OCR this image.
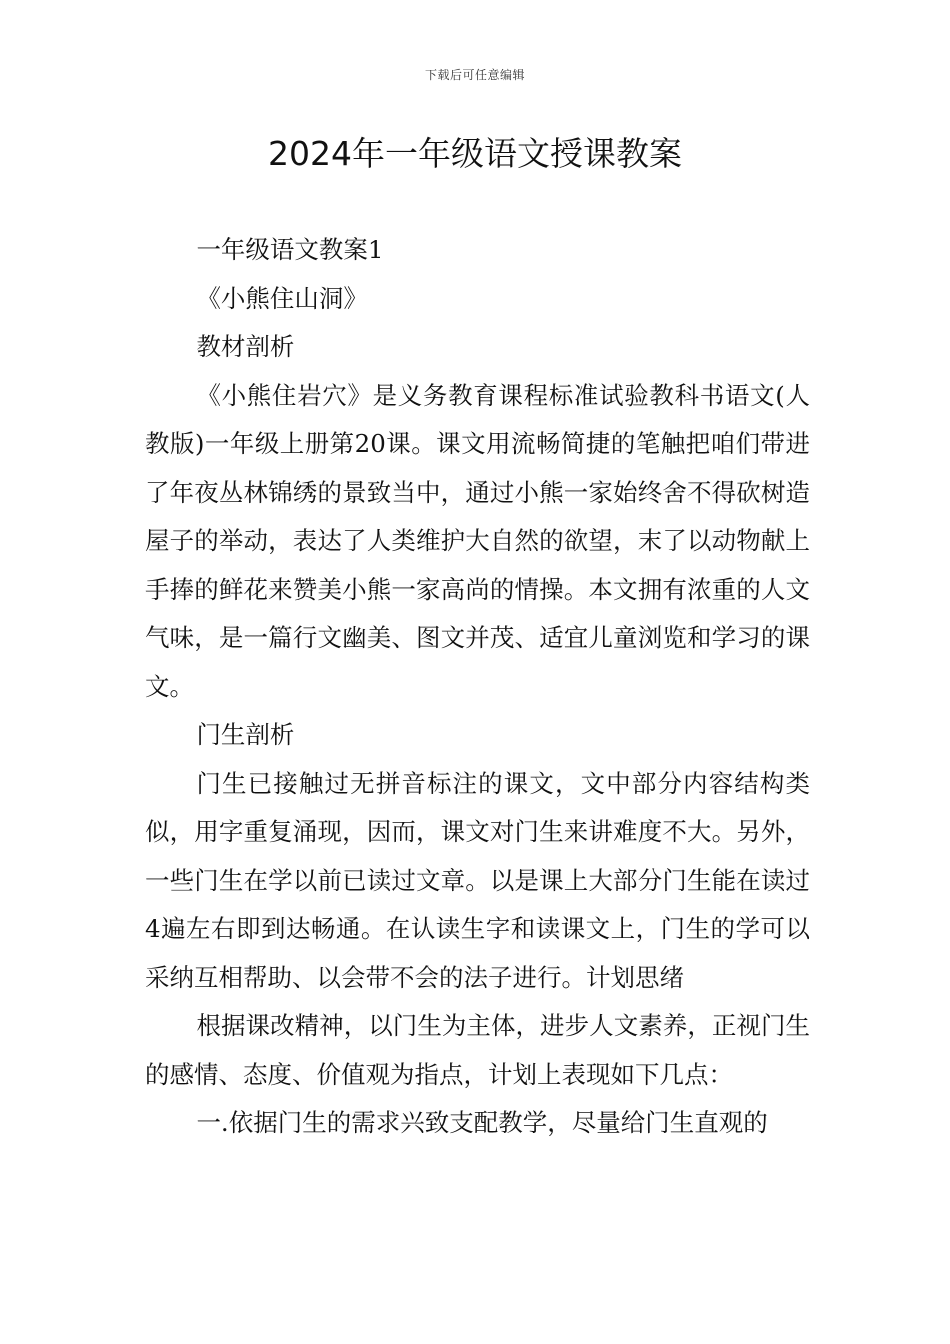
下载后可任意编辑
2024年一年级语文授课教案

一年级语文教案1

《小熊住山洞》

教材剖析

《小熊住岩穴》是义务教育课程标准试验教科书语文(人教版)一年级上册第20课。课文用流畅简捷的笔触把咱们带进了年夜丛林锦绣的景致当中，通过小熊一家始终舍不得砍树造屋子的举动，表达了人类维护大自然的欲望，末了以动物献上手捧的鲜花来赞美小熊一家高尚的情操。本文拥有浓重的人文气味，是一篇行文幽美、图文并茂、适宜儿童浏览和学习的课文。

门生剖析

门生已接触过无拼音标注的课文，文中部分内容结构类似，用字重复涌现，因而，课文对门生来讲难度不大。另外，一些门生在学以前已读过文章。以是课上大部分门生能在读过4遍左右即到达畅通。在认读生字和读课文上，门生的学可以采纳互相帮助、以会带不会的法子进行。计划思绪

根据课改精神，以门生为主体，进步人文素养，正视门生的感情、态度、价值观为指点，计划上表现如下几点：

一.依据门生的需求兴致支配教学，尽量给门生直观的
